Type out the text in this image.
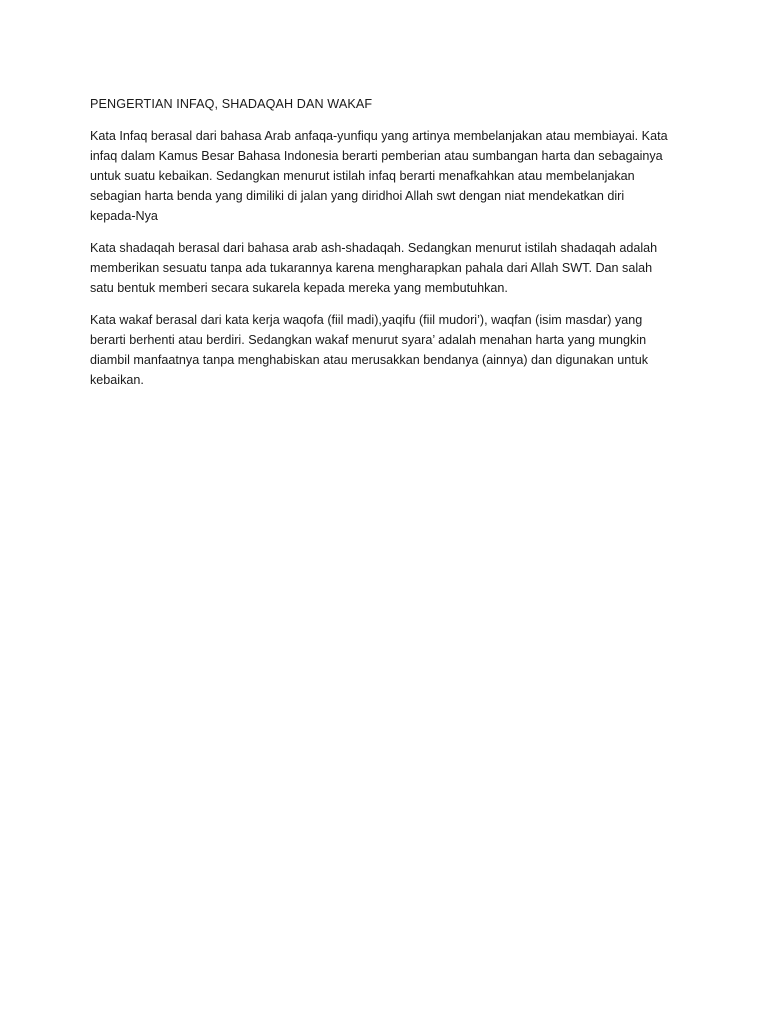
PENGERTIAN INFAQ, SHADAQAH DAN WAKAF

Kata Infaq berasal dari bahasa Arab anfaqa-yunfiqu yang artinya membelanjakan atau membiayai. Kata infaq dalam Kamus Besar Bahasa Indonesia berarti pemberian atau sumbangan harta dan sebagainya untuk suatu kebaikan. Sedangkan menurut istilah infaq berarti menafkahkan atau membelanjakan sebagian harta benda yang dimiliki di jalan yang diridhoi Allah swt dengan niat mendekatkan diri kepada-Nya

Kata shadaqah berasal dari bahasa arab ash-shadaqah. Sedangkan menurut istilah shadaqah adalah memberikan sesuatu tanpa ada tukarannya karena mengharapkan pahala dari Allah SWT. Dan salah satu bentuk memberi secara sukarela kepada mereka yang membutuhkan.

Kata wakaf berasal dari kata kerja waqofa (fiil madi),yaqifu (fiil mudori’), waqfan (isim masdar) yang berarti berhenti atau berdiri. Sedangkan wakaf menurut syara’ adalah menahan harta yang mungkin diambil manfaatnya tanpa menghabiskan atau merusakkan bendanya (ainnya) dan digunakan untuk kebaikan.
